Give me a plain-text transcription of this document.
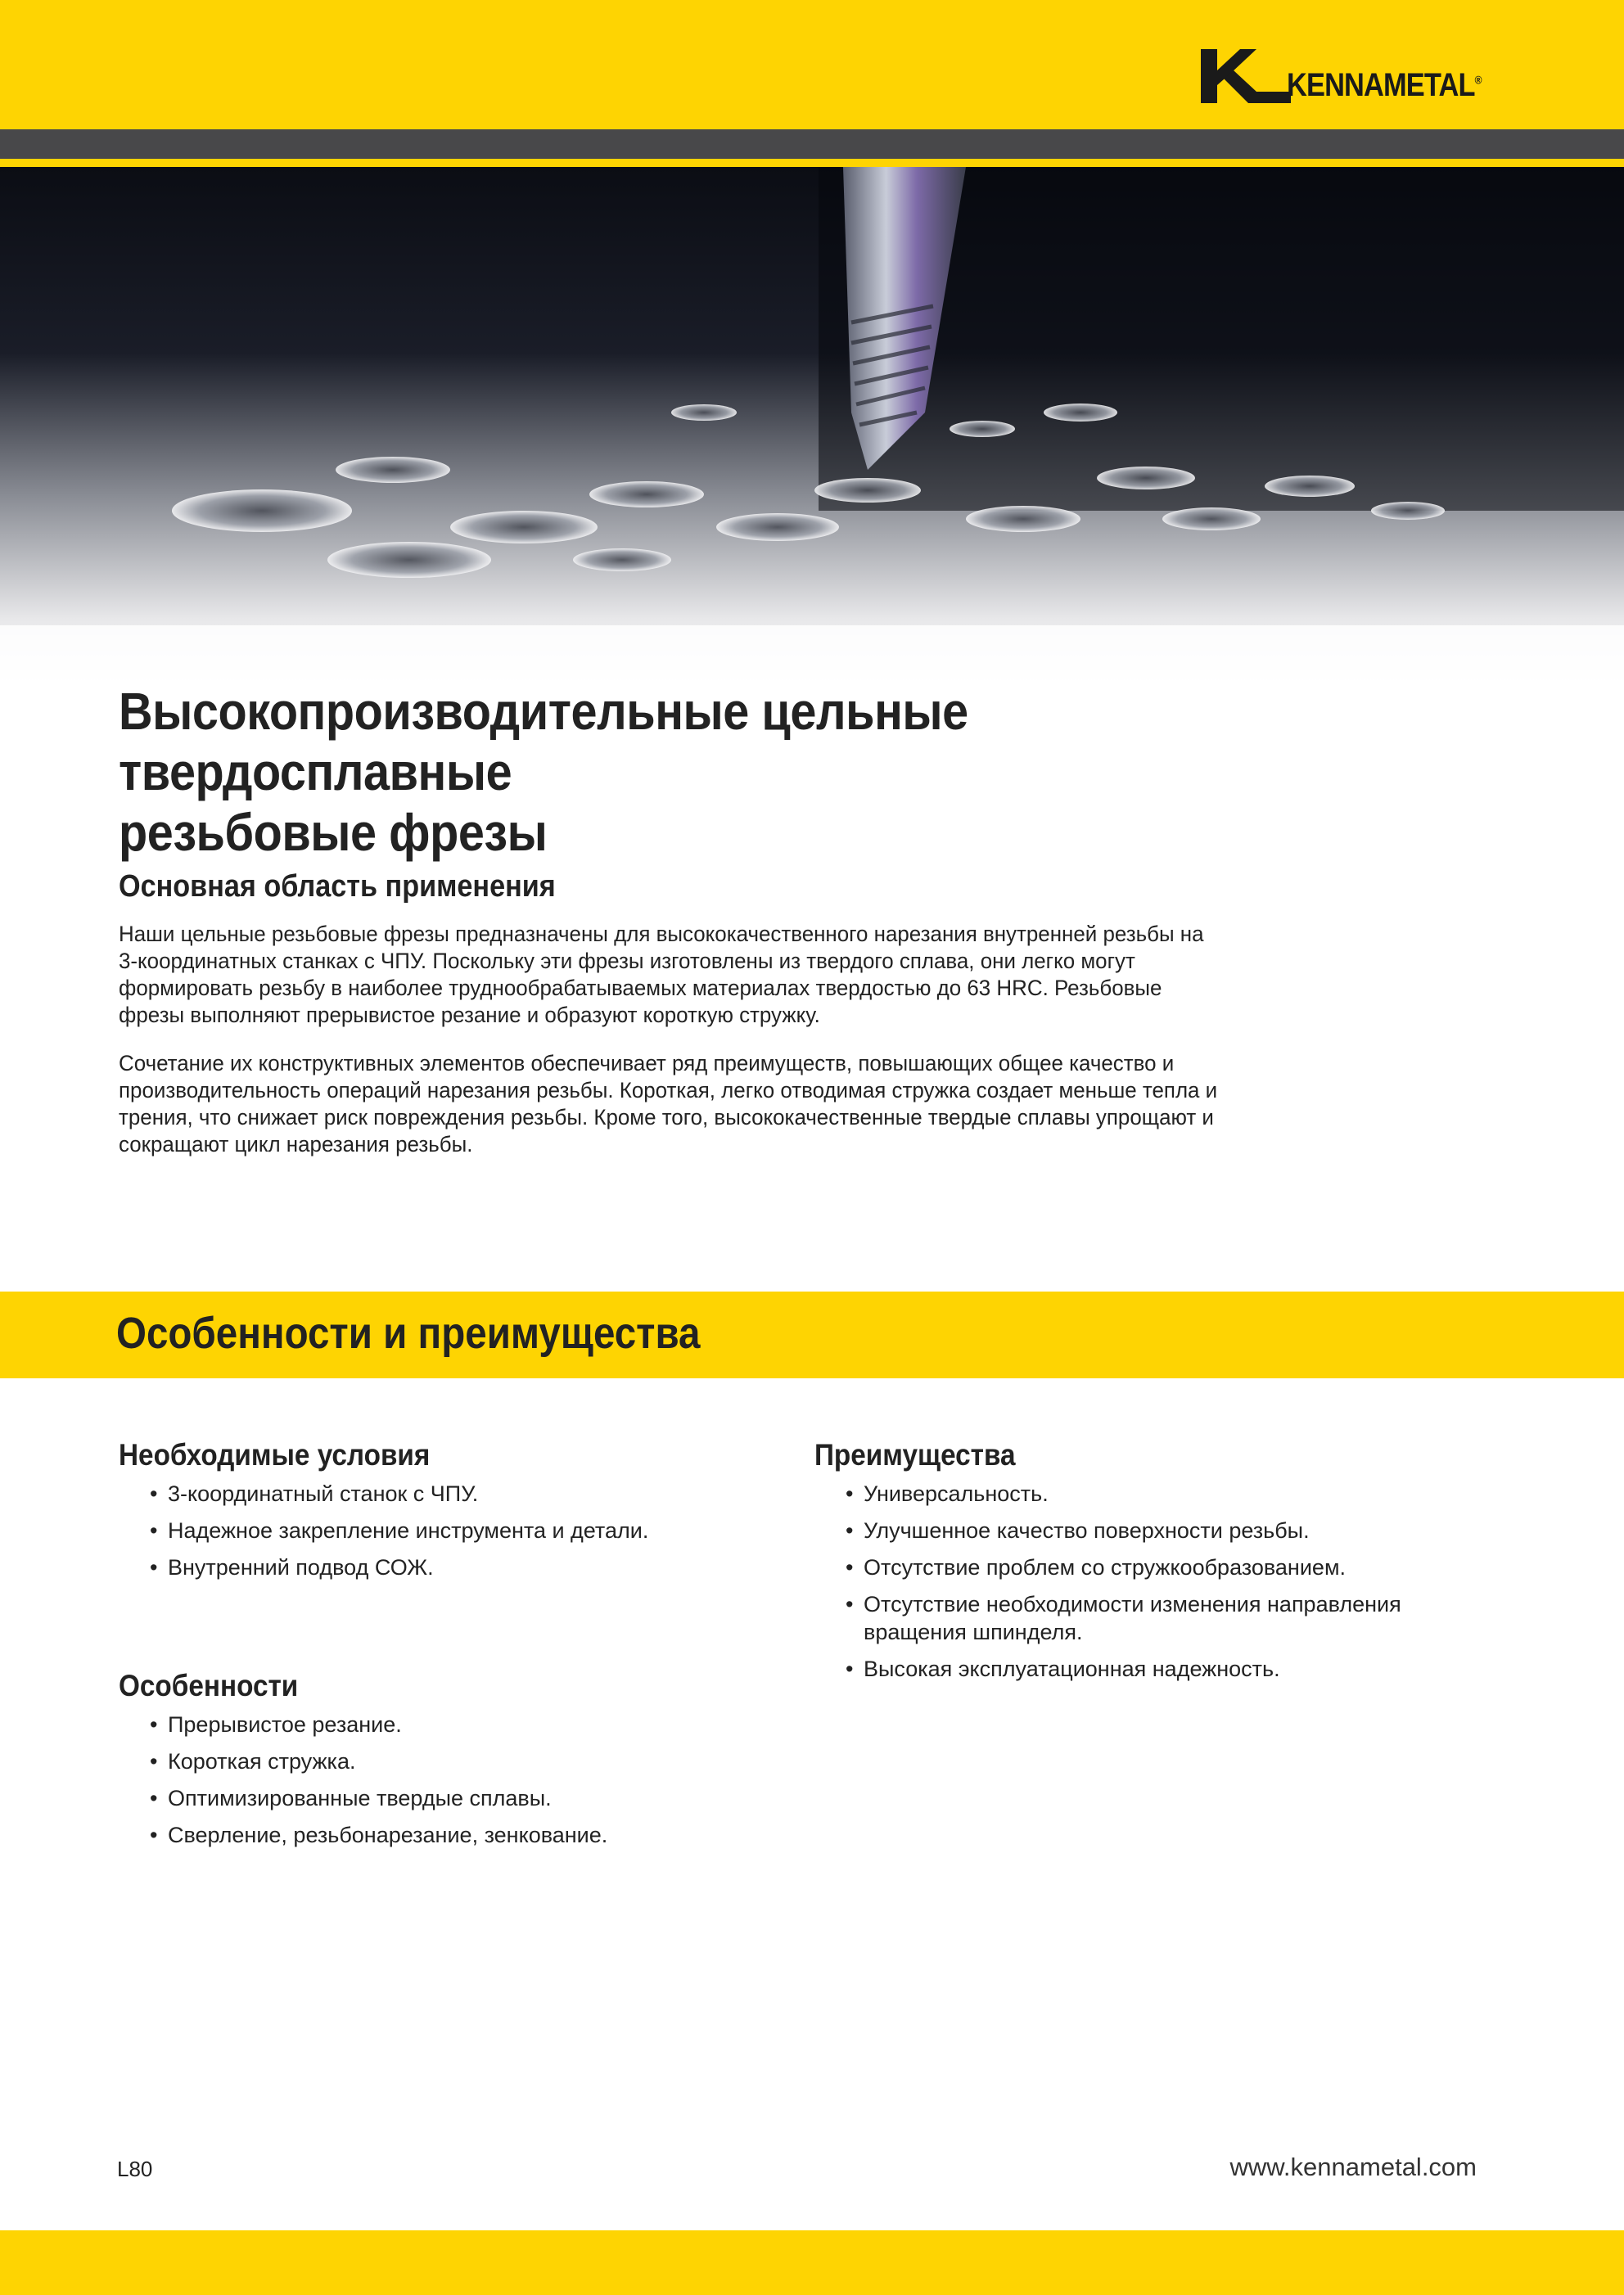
KENNAMETAL®
Высокопроизводительные цельные твердосплавные
резьбовые фрезы
Основная область применения

Наши цельные резьбовые фрезы предназначены для высококачественного нарезания внутренней резьбы на 3-координатных станках с ЧПУ. Поскольку эти фрезы изготовлены из твердого сплава, они легко могут формировать резьбу в наиболее труднообрабатываемых материалах твердостью до 63 HRC. Резьбовые фрезы выполняют прерывистое резание и образуют короткую стружку.

Сочетание их конструктивных элементов обеспечивает ряд преимуществ, повышающих общее качество и производительность операций нарезания резьбы. Короткая, легко отводимая стружка создает меньше тепла и трения, что снижает риск повреждения резьбы. Кроме того, высококачественные твердые сплавы упрощают и сокращают цикл нарезания резьбы.

Особенности и преимущества
Необходимые условия
• 3-координатный станок с ЧПУ.
• Надежное закрепление инструмента и детали.
• Внутренний подвод СОЖ.
Особенности
• Прерывистое резание.
• Короткая стружка.
• Оптимизированные твердые сплавы.
• Сверление, резьбонарезание, зенкование.
Преимущества
• Универсальность.
• Улучшенное качество поверхности резьбы.
• Отсутствие проблем со стружкообразованием.
• Отсутствие необходимости изменения направления вращения шпинделя.
• Высокая эксплуатационная надежность.
L80	www.kennametal.com
